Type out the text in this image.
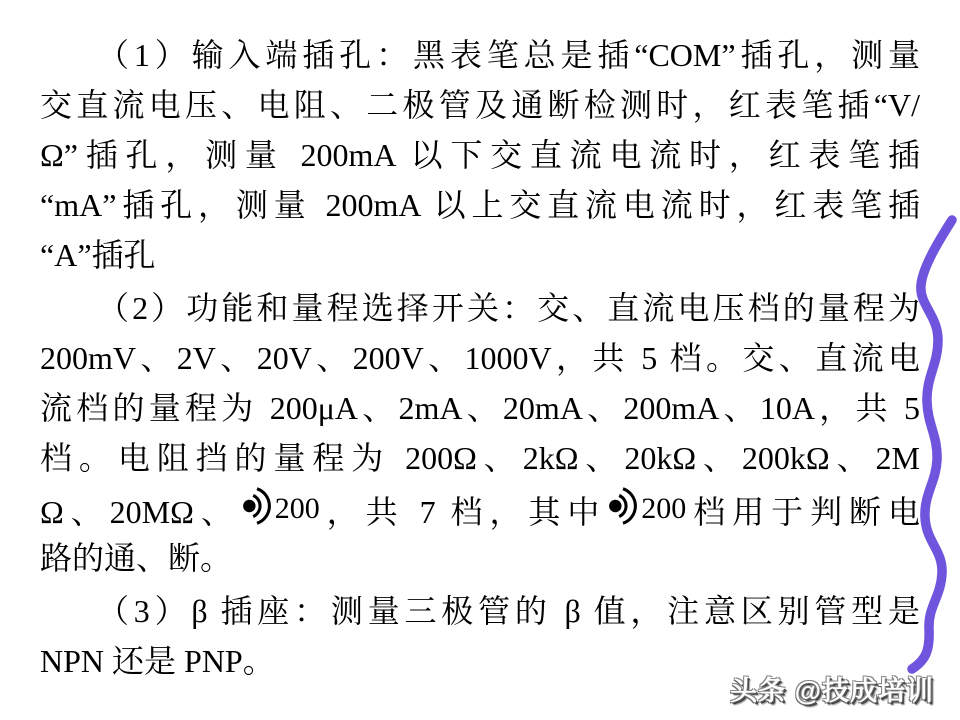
（1）输入端插孔：黑表笔总是插“COM”插孔，测量
交直流电压、电阻、二极管及通断检测时，红表笔插“V/
Ω”插孔，测量 200mA 以下交直流电流时，红表笔插
“mA”插孔，测量 200mA 以上交直流电流时，红表笔插
“A”插孔
（2）功能和量程选择开关：交、直流电压档的量程为
200mV、2V、20V、200V、1000V，共 5 档。交、直流电
流档的量程为 200μA、2mA、20mA、200mA、10A，共 5
档。电阻挡的量程为 200Ω、2kΩ、20kΩ、200kΩ、2M
Ω、20MΩ、 200，共 7 档，其中 200档用于判断电
路的通、断。
（3）β 插座：测量三极管的 β 值，注意区别管型是
NPN 还是 PNP。
头条 @技成培训
